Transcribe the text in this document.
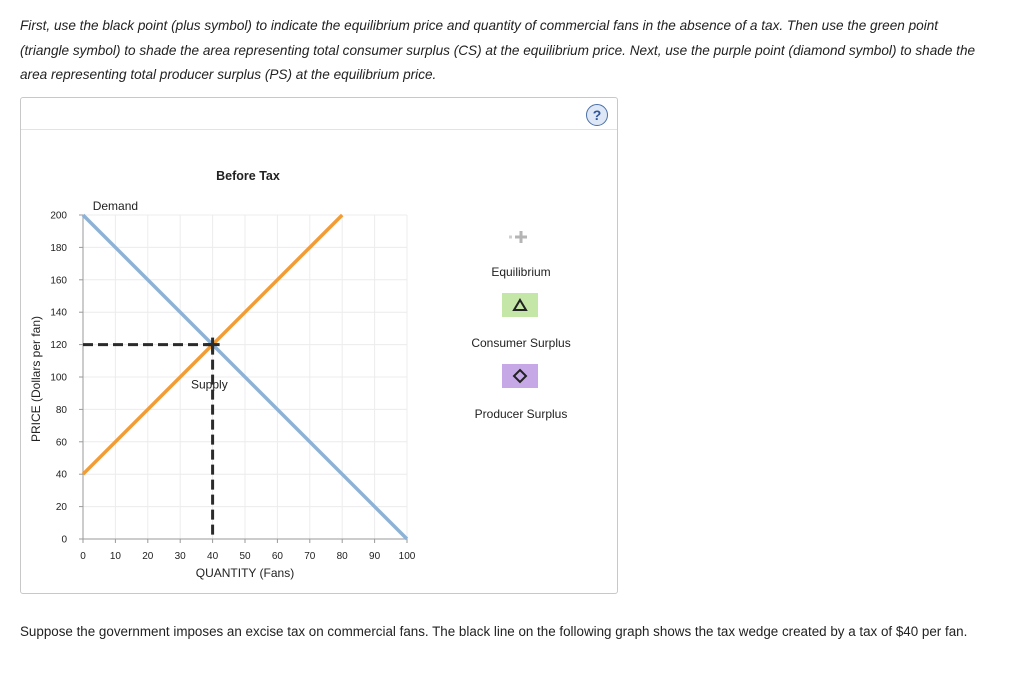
First, use the black point (plus symbol) to indicate the equilibrium price and quantity of commercial fans in the absence of a tax. Then use the green point (triangle symbol) to shade the area representing total consumer surplus (CS) at the equilibrium price. Next, use the purple point (diamond symbol) to shade the area representing total producer surplus (PS) at the equilibrium price.

?
0
20
40
60
80
100
120
140
160
180
200
0 10 20 30 40 50 60 70 80 90 100
Demand
Supply
Before Tax
QUANTITY (Fans)
PRICE (Dollars per fan)
Equilibrium
Consumer Surplus
Producer Surplus

Suppose the government imposes an excise tax on commercial fans. The black line on the following graph shows the tax wedge created by a tax of $40 per fan.
